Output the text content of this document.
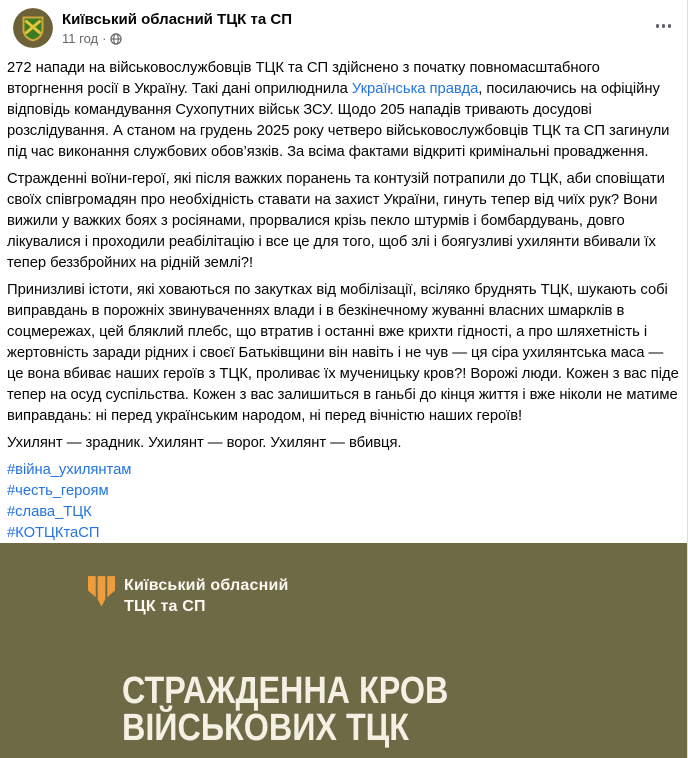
Київський обласний ТЦК та СП
11 год ·

272 напади на військовослужбовців ТЦК та СП здійснено з початку повномасштабного вторгнення росії в Україну. Такі дані оприлюднила Українська правда, посилаючись на офіційну відповідь командування Сухопутних військ ЗСУ. Щодо 205 нападів тривають досудові розслідування. А станом на грудень 2025 року четверо військовослужбовців ТЦК та СП загинули під час виконання службових обов’язків. За всіма фактами відкриті кримінальні провадження.

Стражденні воїни-герої, які після важких поранень та контузій потрапили до ТЦК, аби сповіщати своїх співгромадян про необхідність ставати на захист України, гинуть тепер від чиїх рук? Вони вижили у важких боях з росіянами, прорвалися крізь пекло штурмів і бомбардувань, довго лікувалися і проходили реабілітацію і все це для того, щоб злі і боягузливі ухилянти вбивали їх тепер беззбройних на рідній землі?!

Принизливі істоти, які ховаються по закутках від мобілізації, всіляко бруднять ТЦК, шукають собі виправдань в порожніх звинуваченнях влади і в безкінечному жуванні власних шмарклів в соцмережах, цей бляклий плебс, що втратив і останні вже крихти гідності, а про шляхетність і жертовність заради рідних і своєї Батьківщини він навіть і не чув — ця сіра ухилянтська маса — це вона вбиває наших героїв з ТЦК, проливає їх мученицьку кров?! Ворожі люди. Кожен з вас піде тепер на осуд суспільства. Кожен з вас залишиться в ганьбі до кінця життя і вже ніколи не матиме виправдань: ні перед українським народом, ні перед вічністю наших героїв!

Ухилянт — зрадник. Ухилянт — ворог. Ухилянт — вбивця.

#війна_ухилянтам
#честь_героям
#слава_ТЦК
#КОТЦКтаСП
Київський обласний
ТЦК та СП
СТРАЖДЕННА КРОВ
ВІЙСЬКОВИХ ТЦК
